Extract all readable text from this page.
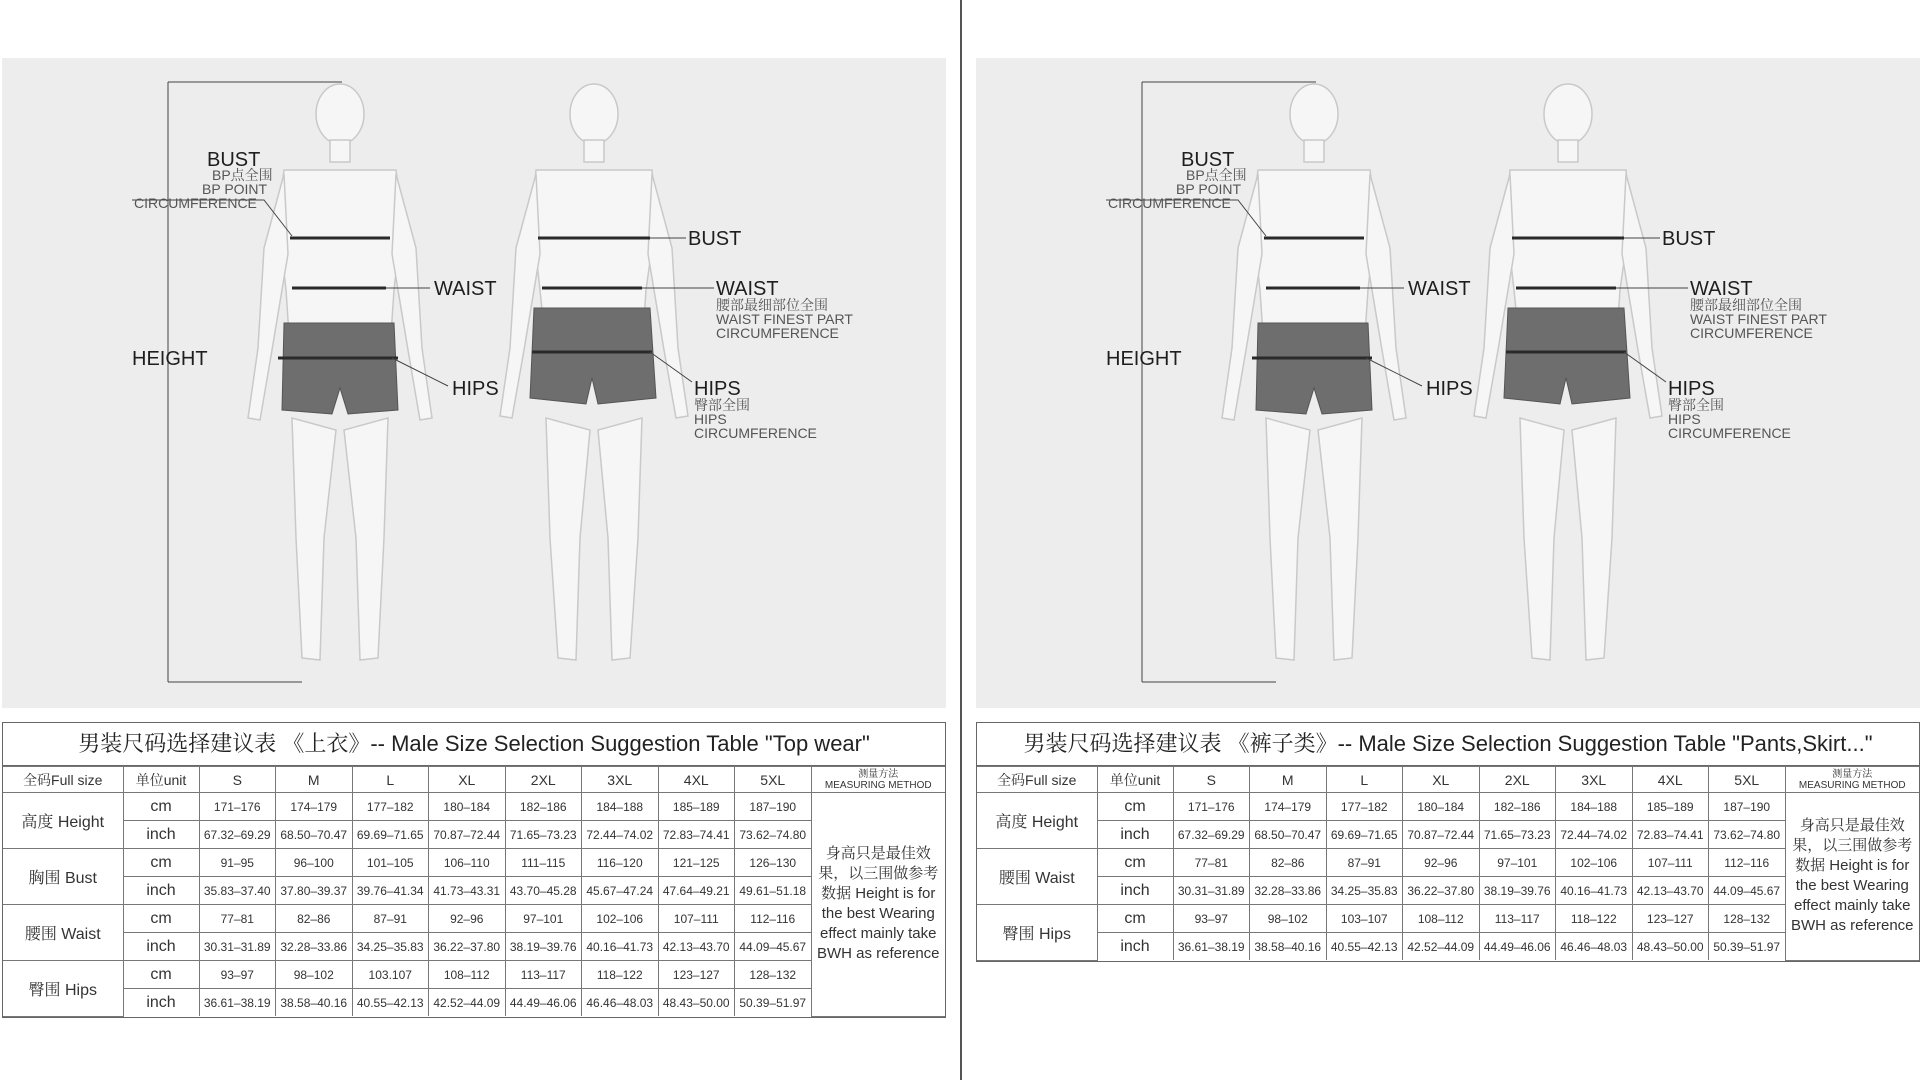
BUST
BP点全围
BP POINT
CIRCUMFERENCE
WAIST
HEIGHT
HIPS
BUST
WAIST
腰部最细部位全围
WAIST FINEST PART
CIRCUMFERENCE
HIPS
臀部全围
HIPS
CIRCUMFERENCE
男装尺码选择建议表 《上衣》-- Male Size Selection Suggestion Table "Top wear"
全码Full size	单位unit	S	M	L	XL	2XL	3XL	4XL	5XL	测量方法
MEASURING METHOD
高度 Height	cm	171–176	174–179	177–182	180–184	182–186	184–188	185–189	187–190	身高只是最佳效果，以三围做参考数据 Height is for the best Wearing effect mainly take BWH as reference
	inch	67.32–69.29	68.50–70.47	69.69–71.65	70.87–72.44	71.65–73.23	72.44–74.02	72.83–74.41	73.62–74.80	
胸围 Bust	cm	91–95	96–100	101–105	106–110	111–115	116–120	121–125	126–130	
	inch	35.83–37.40	37.80–39.37	39.76–41.34	41.73–43.31	43.70–45.28	45.67–47.24	47.64–49.21	49.61–51.18	
腰围 Waist	cm	77–81	82–86	87–91	92–96	97–101	102–106	107–111	112–116	
	inch	30.31–31.89	32.28–33.86	34.25–35.83	36.22–37.80	38.19–39.76	40.16–41.73	42.13–43.70	44.09–45.67	
臀围 Hips	cm	93–97	98–102	103.107	108–112	113–117	118–122	123–127	128–132	
	inch	36.61–38.19	38.58–40.16	40.55–42.13	42.52–44.09	44.49–46.06	46.46–48.03	48.43–50.00	50.39–51.97	
BUST
BP点全围
BP POINT
CIRCUMFERENCE
WAIST
HEIGHT
HIPS
BUST
WAIST
腰部最细部位全围
WAIST FINEST PART
CIRCUMFERENCE
HIPS
臀部全围
HIPS
CIRCUMFERENCE
男装尺码选择建议表 《裤子类》-- Male Size Selection Suggestion Table "Pants,Skirt..."
全码Full size	单位unit	S	M	L	XL	2XL	3XL	4XL	5XL	测量方法
MEASURING METHOD
高度 Height	cm	171–176	174–179	177–182	180–184	182–186	184–188	185–189	187–190	身高只是最佳效果，以三围做参考数据 Height is for the best Wearing effect mainly take BWH as reference
	inch	67.32–69.29	68.50–70.47	69.69–71.65	70.87–72.44	71.65–73.23	72.44–74.02	72.83–74.41	73.62–74.80	
腰围 Waist	cm	77–81	82–86	87–91	92–96	97–101	102–106	107–111	112–116	
	inch	30.31–31.89	32.28–33.86	34.25–35.83	36.22–37.80	38.19–39.76	40.16–41.73	42.13–43.70	44.09–45.67	
臀围 Hips	cm	93–97	98–102	103–107	108–112	113–117	118–122	123–127	128–132	
	inch	36.61–38.19	38.58–40.16	40.55–42.13	42.52–44.09	44.49–46.06	46.46–48.03	48.43–50.00	50.39–51.97	
